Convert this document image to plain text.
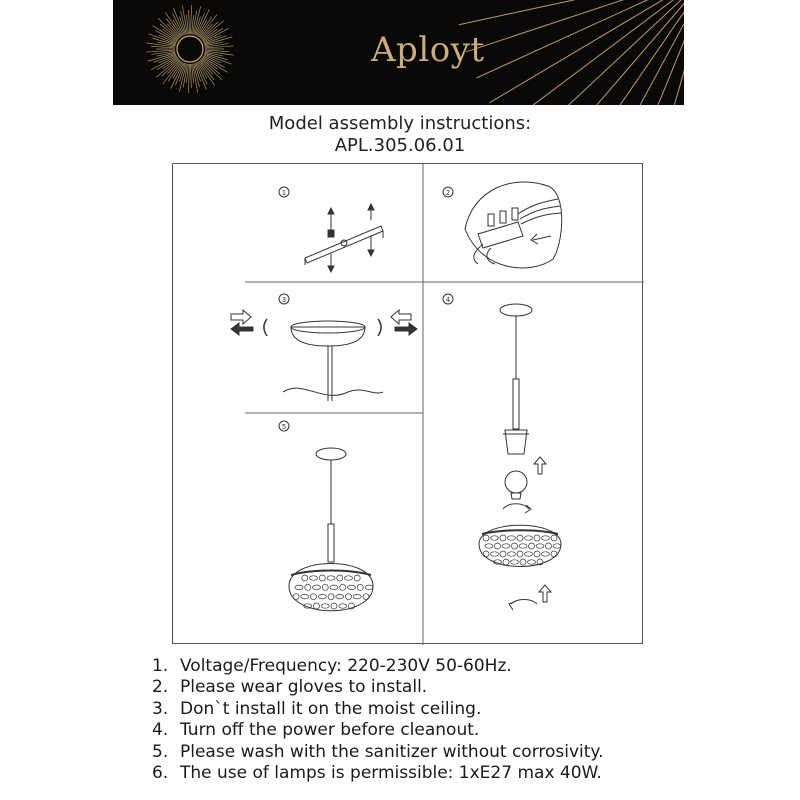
Aployt
Model assembly instructions:
APL.305.06.01
1	2
3	4
5
1. Voltage/Frequency: 220-230V 50-60Hz.
2. Please wear gloves to install.
3. Don`t install it on the moist ceiling.
4. Turn off the power before cleanout.
5. Please wash with the sanitizer without corrosivity.
6. The use of lamps is permissible: 1xE27 max 40W.
